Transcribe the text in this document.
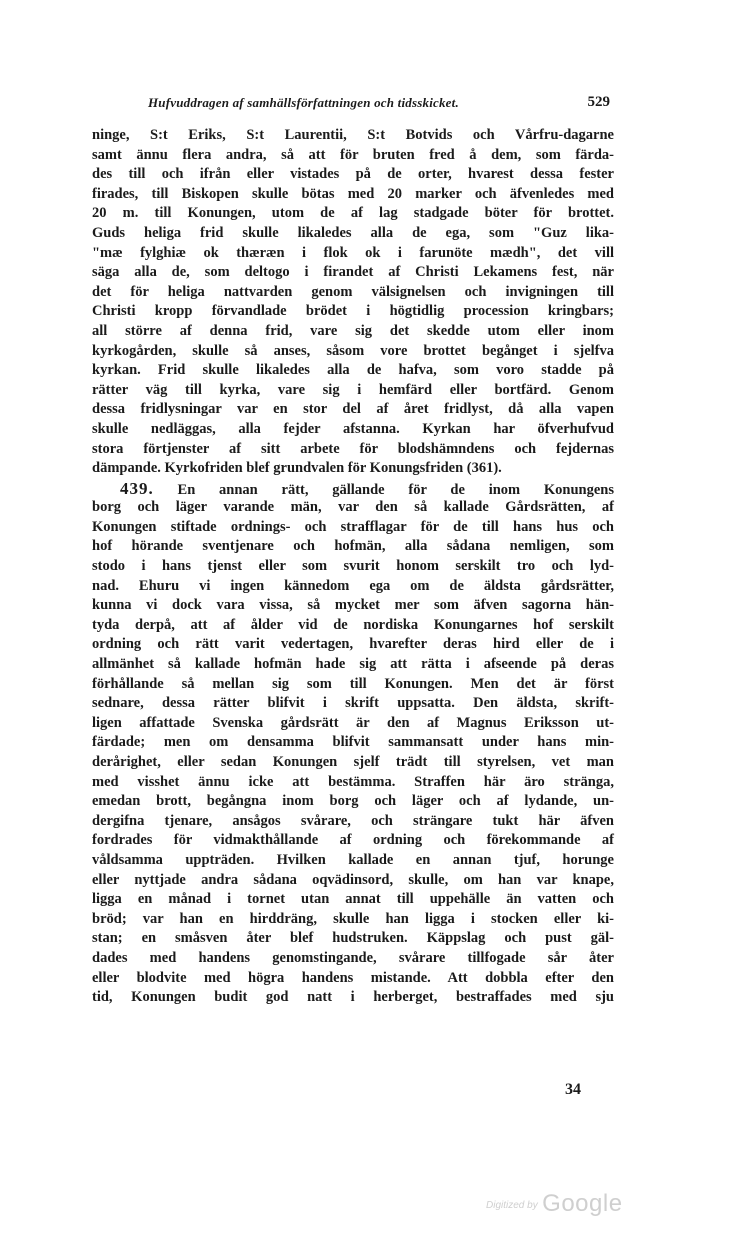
Hufvuddragen af samhällsförfattningen och tidsskicket.	529
ninge, S:t Eriks, S:t Laurentii, S:t Botvids och Vårfru-dagarne
samt ännu flera andra, så att för bruten fred å dem, som färda-
des till och ifrån eller vistades på de orter, hvarest dessa fester
firades, till Biskopen skulle bötas med 20 marker och äfvenledes med
20 m. till Konungen, utom de af lag stadgade böter för brottet.
Guds heliga frid skulle likaledes alla de ega, som "Guz lika-
"mæ fylghiæ ok thæræn i flok ok i farunöte mædh", det vill
säga alla de, som deltogo i firandet af Christi Lekamens fest, när
det för heliga nattvarden genom välsignelsen och invigningen till
Christi kropp förvandlade brödet i högtidlig procession kringbars;
all större af denna frid, vare sig det skedde utom eller inom
kyrkogården, skulle så anses, såsom vore brottet begånget i sjelfva
kyrkan. Frid skulle likaledes alla de hafva, som voro stadde på
rätter väg till kyrka, vare sig i hemfärd eller bortfärd. Genom
dessa fridlysningar var en stor del af året fridlyst, då alla vapen
skulle nedläggas, alla fejder afstanna. Kyrkan har öfverhufvud
stora förtjenster af sitt arbete för blodshämndens och fejdernas
dämpande. Kyrkofriden blef grundvalen för Konungsfriden (361).
439. En annan rätt, gällande för de inom Konungens
borg och läger varande män, var den så kallade Gårdsrätten, af
Konungen stiftade ordnings- och strafflagar för de till hans hus och
hof hörande sventjenare och hofmän, alla sådana nemligen, som
stodo i hans tjenst eller som svurit honom serskilt tro och lyd-
nad. Ehuru vi ingen kännedom ega om de äldsta gårdsrätter,
kunna vi dock vara vissa, så mycket mer som äfven sagorna hän-
tyda derpå, att af ålder vid de nordiska Konungarnes hof serskilt
ordning och rätt varit vedertagen, hvarefter deras hird eller de i
allmänhet så kallade hofmän hade sig att rätta i afseende på deras
förhållande så mellan sig som till Konungen. Men det är först
sednare, dessa rätter blifvit i skrift uppsatta. Den äldsta, skrift-
ligen affattade Svenska gårdsrätt är den af Magnus Eriksson ut-
färdade; men om densamma blifvit sammansatt under hans min-
derårighet, eller sedan Konungen sjelf trädt till styrelsen, vet man
med visshet ännu icke att bestämma. Straffen här äro stränga,
emedan brott, begångna inom borg och läger och af lydande, un-
dergifna tjenare, ansågos svårare, och strängare tukt här äfven
fordrades för vidmakthållande af ordning och förekommande af
våldsamma uppträden. Hvilken kallade en annan tjuf, horunge
eller nyttjade andra sådana oqvädinsord, skulle, om han var knape,
ligga en månad i tornet utan annat till uppehälle än vatten och
bröd; var han en hirddräng, skulle han ligga i stocken eller ki-
stan; en småsven åter blef hudstruken. Käppslag och pust gäl-
dades med handens genomstingande, svårare tillfogade sår åter
eller blodvite med högra handens mistande. Att dobbla efter den
tid, Konungen budit god natt i herberget, bestraffades med sju
34
Digitized by Google
